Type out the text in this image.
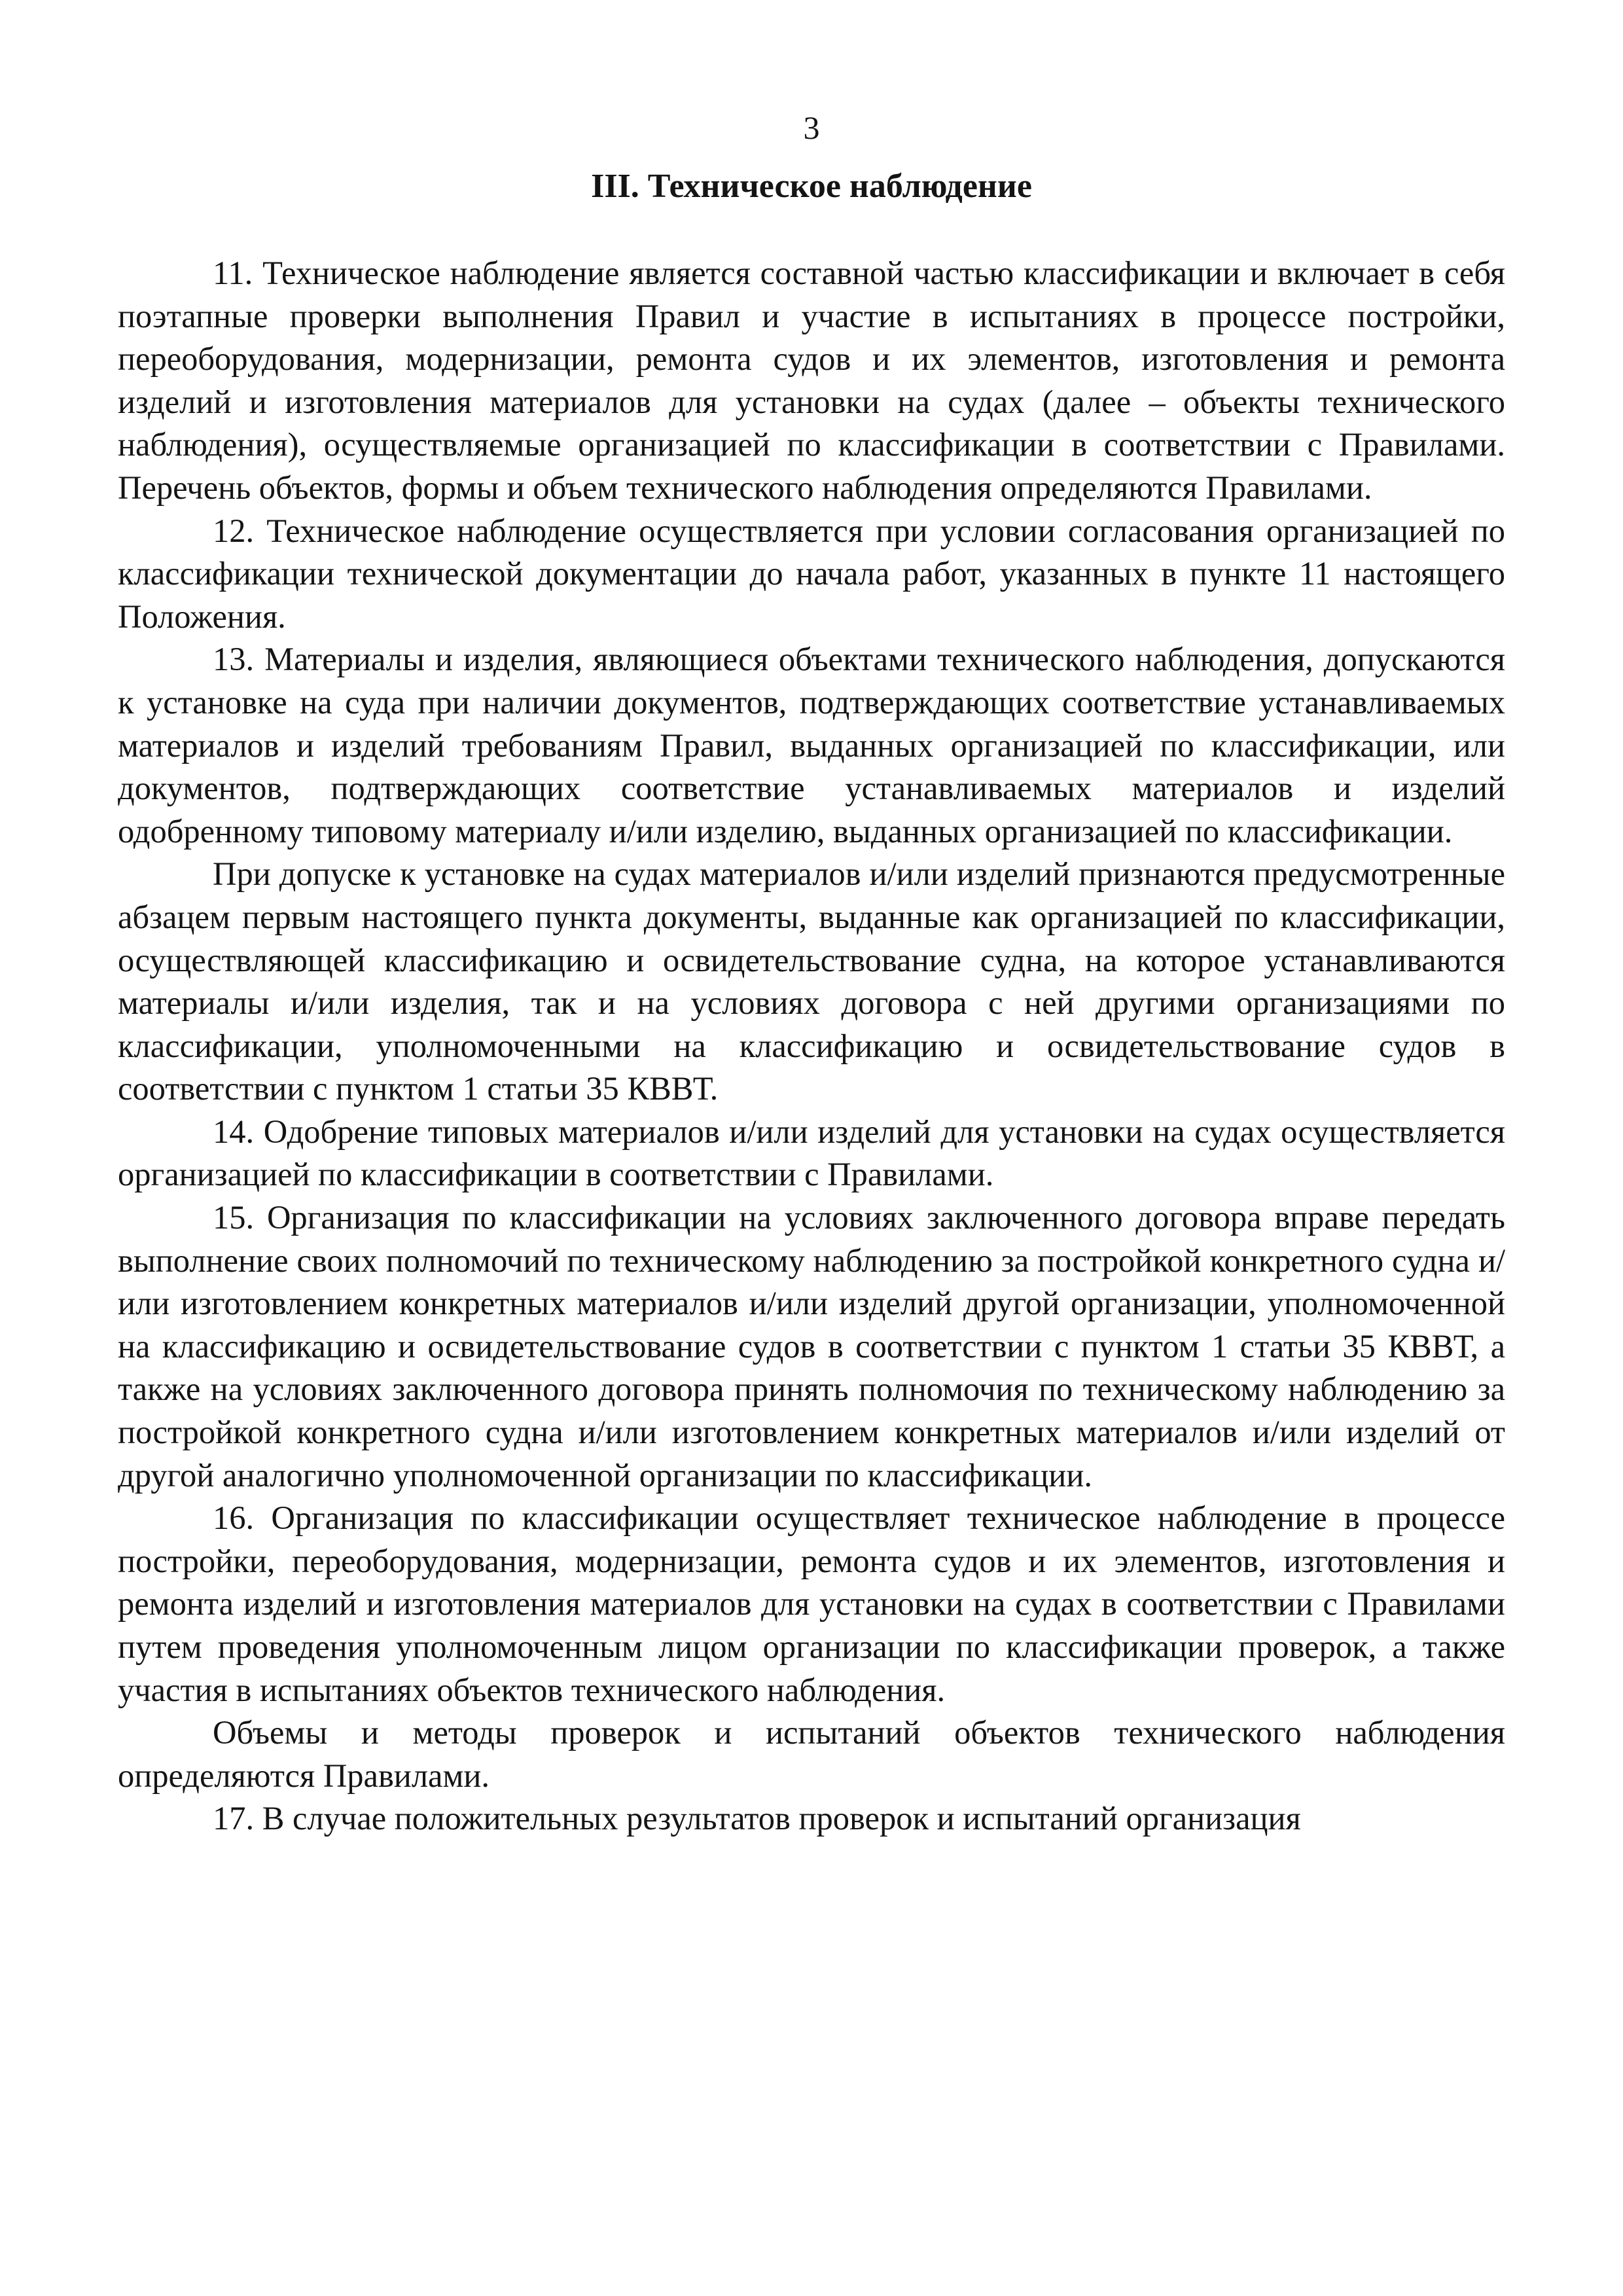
3
III. Техническое наблюдение

11. Техническое наблюдение является составной частью классификации и включает в себя поэтапные проверки выполнения Правил и участие в испытаниях в процессе постройки, переоборудования, модернизации, ремонта судов и их элементов, изготовления и ремонта изделий и изготовления материалов для установки на судах (далее – объекты технического наблюдения), осуществляемые организацией по классификации в соответствии с Правилами. Перечень объектов, формы и объем технического наблюдения определяются Правилами.

12. Техническое наблюдение осуществляется при условии согласования организацией по классификации технической документации до начала работ, указанных в пункте 11 настоящего Положения.

13. Материалы и изделия, являющиеся объектами технического наблюдения, допускаются к установке на суда при наличии документов, подтверждающих соответствие устанавливаемых материалов и изделий требованиям Правил, выданных организацией по классификации, или документов, подтверждающих соответствие устанавливаемых материалов и изделий одобренному типовому материалу и/или изделию, выданных организацией по классификации.

При допуске к установке на судах материалов и/или изделий признаются предусмотренные абзацем первым настоящего пункта документы, выданные как организацией по классификации, осуществляющей классификацию и освидетельствование судна, на которое устанавливаются материалы и/или изделия, так и на условиях договора с ней другими организациями по классификации, уполномоченными на классификацию и освидетельствование судов в соответствии с пунктом 1 статьи 35 КВВТ.

14. Одобрение типовых материалов и/или изделий для установки на судах осуществляется организацией по классификации в соответствии с Правилами.

15. Организация по классификации на условиях заключенного договора вправе передать выполнение своих полномочий по техническому наблюдению за постройкой конкретного судна и/или изготовлением конкретных материалов и/или изделий другой организации, уполномоченной на классификацию и освидетельствование судов в соответствии с пунктом 1 статьи 35 КВВТ, а также на условиях заключенного договора принять полномочия по техническому наблюдению за постройкой конкретного судна и/или изготовлением конкретных материалов и/или изделий от другой аналогично уполномоченной организации по классификации.

16. Организация по классификации осуществляет техническое наблюдение в процессе постройки, переоборудования, модернизации, ремонта судов и их элементов, изготовления и ремонта изделий и изготовления материалов для установки на судах в соответствии с Правилами путем проведения уполномоченным лицом организации по классификации проверок, а также участия в испытаниях объектов технического наблюдения.

Объемы и методы проверок и испытаний объектов технического наблюдения определяются Правилами.

17. В случае положительных результатов проверок и испытаний организация
